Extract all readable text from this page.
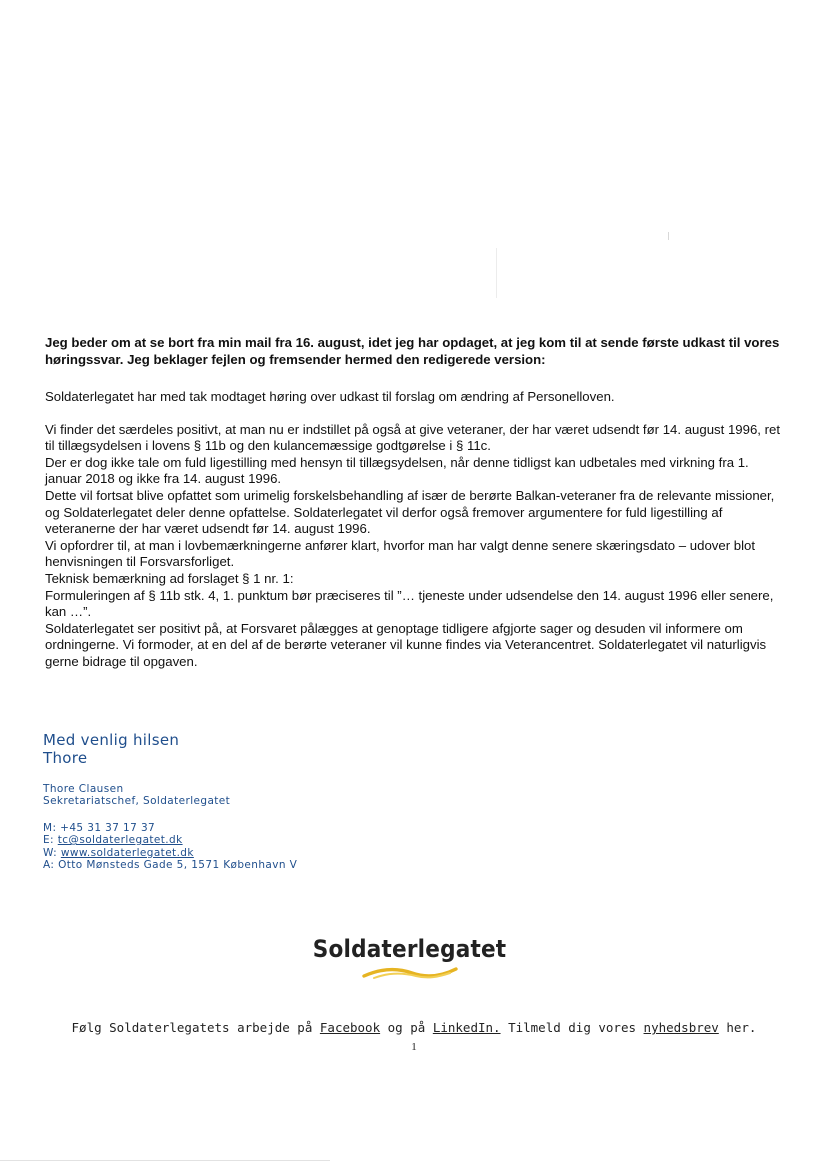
Jeg beder om at se bort fra min mail fra 16. august, idet jeg har opdaget, at jeg kom til at sende første udkast til vores høringssvar. Jeg beklager fejlen og fremsender hermed den redigerede version:

Soldaterlegatet har med tak modtaget høring over udkast til forslag om ændring af Personelloven.

Vi finder det særdeles positivt, at man nu er indstillet på også at give veteraner, der har været udsendt før 14. august 1996, ret til tillægsydelsen i lovens § 11b og den kulancemæssige godtgørelse i § 11c.

Der er dog ikke tale om fuld ligestilling med hensyn til tillægsydelsen, når denne tidligst kan udbetales med virkning fra 1. januar 2018 og ikke fra 14. august 1996.

Dette vil fortsat blive opfattet som urimelig forskelsbehandling af især de berørte Balkan-veteraner fra de relevante missioner, og Soldaterlegatet deler denne opfattelse. Soldaterlegatet vil derfor også fremover argumentere for fuld ligestilling af veteranerne der har været udsendt før 14. august 1996.

Vi opfordrer til, at man i lovbemærkningerne anfører klart, hvorfor man har valgt denne senere skæringsdato – udover blot henvisningen til Forsvarsforliget.

Teknisk bemærkning ad forslaget § 1 nr. 1:

Formuleringen af § 11b stk. 4, 1. punktum bør præciseres til ”… tjeneste under udsendelse den 14. august 1996 eller senere, kan …”.

Soldaterlegatet ser positivt på, at Forsvaret pålægges at genoptage tidligere afgjorte sager og desuden vil informere om ordningerne. Vi formoder, at en del af de berørte veteraner vil kunne findes via Veterancentret. Soldaterlegatet vil naturligvis gerne bidrage til opgaven.

Med venlig hilsen
Thore
Thore Clausen
Sekretariatschef, Soldaterlegatet
M: +45 31 37 17 37
E: tc@soldaterlegatet.dk
W: www.soldaterlegatet.dk
A: Otto Mønsteds Gade 5, 1571 København V
Soldaterlegatet
Følg Soldaterlegatets arbejde på Facebook og på LinkedIn. Tilmeld dig vores nyhedsbrev her.
1
